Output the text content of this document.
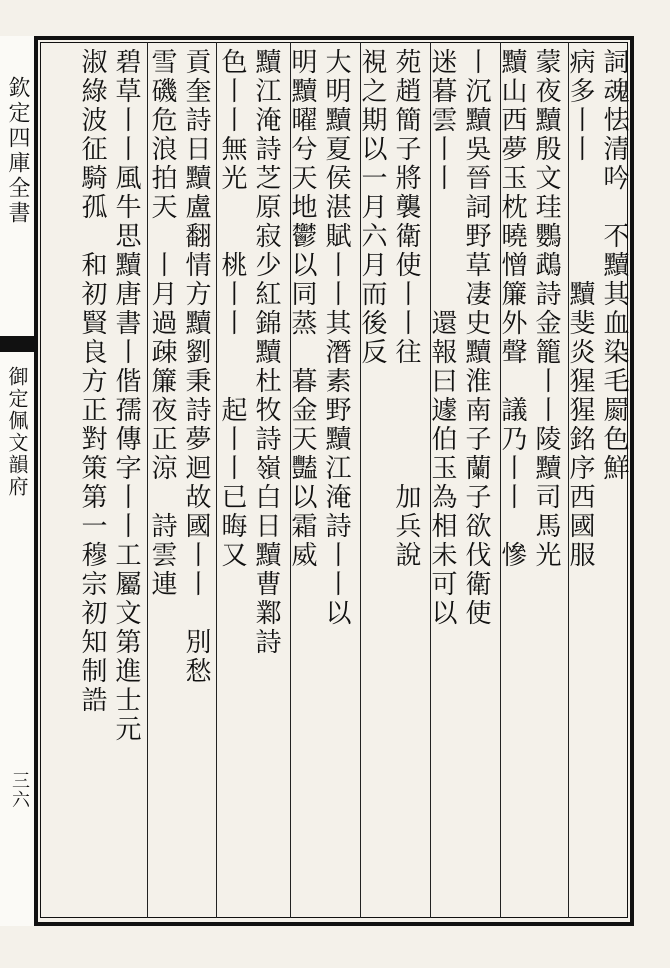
欽定四庫全書
御定佩文韻府
三六
詞魂怯清吟　不黷其血染毛罽色鮮
病多丨丨　　　　黷斐炎猩猩銘序西國服
蒙夜黷殷文珪鸚鵡詩金籠丨丨陵黷司馬光
黷山西夢玉枕曉憎簾外聲　議乃丨丨　慘
丨沉黷吳晉詞野草凄史黷淮南子蘭子欲伐衛使
迷暮雲丨丨　　　　還報曰遽伯玉為相未可以
苑趙簡子將襲衛使丨丨往　　　　加兵說
視之期以一月六月而後反
大明黷夏侯湛賦丨丨其潛素野黷江淹詩丨丨以
明黷曜兮天地鬱以同蒸　暮金天豔以霜威
黷江淹詩芝原寂少紅錦黷杜牧詩嶺白日黷曹鄴詩
色丨丨無光　　桃丨丨　　起丨丨已晦又
貢奎詩日黷盧翻情方黷劉秉詩夢迴故國丨丨　別愁
雪磯危浪拍天　丨月過疎簾夜正涼　詩雲連
碧草丨丨風牛思黷唐書丨偕孺傳字丨丨工屬文第進士元
淑綠波征騎孤　和初賢良方正對策第一穆宗初知制誥
